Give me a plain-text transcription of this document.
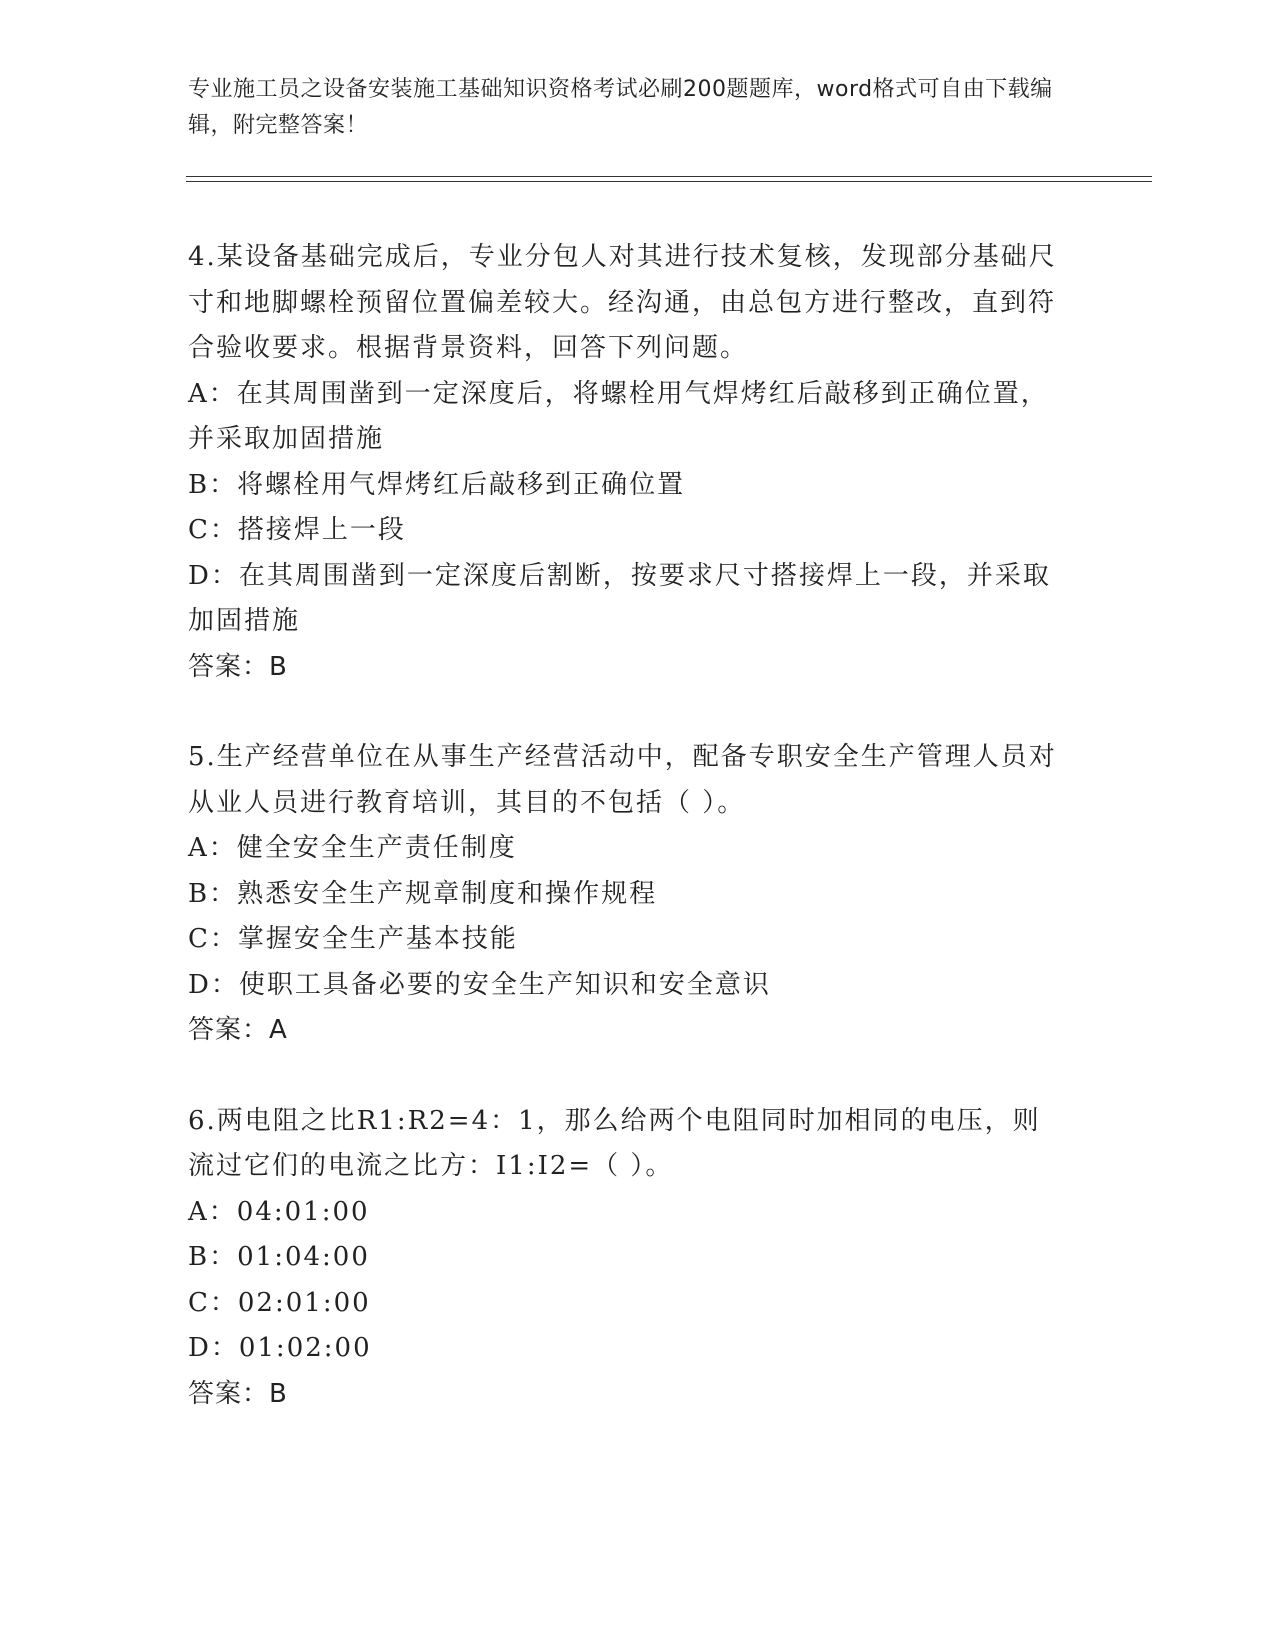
专业施工员之设备安装施工基础知识资格考试必刷200题题库，word格式可自由下载编辑，附完整答案！

4.某设备基础完成后，专业分包人对其进行技术复核，发现部分基础尺寸和地脚螺栓预留位置偏差较大。经沟通，由总包方进行整改，直到符合验收要求。根据背景资料，回答下列问题。

A：在其周围凿到一定深度后，将螺栓用气焊烤红后敲移到正确位置，并采取加固措施

B：将螺栓用气焊烤红后敲移到正确位置

C：搭接焊上一段

D：在其周围凿到一定深度后割断，按要求尺寸搭接焊上一段，并采取加固措施

答案：B

5.生产经营单位在从事生产经营活动中，配备专职安全生产管理人员对从业人员进行教育培训，其目的不包括（ ）。

A：健全安全生产责任制度

B：熟悉安全生产规章制度和操作规程

C：掌握安全生产基本技能

D：使职工具备必要的安全生产知识和安全意识

答案：A

6.两电阻之比R1:R2=4：1，那么给两个电阻同时加相同的电压，则流过它们的电流之比方：I1:I2=（ ）。

A：04:01:00

B：01:04:00

C：02:01:00

D：01:02:00

答案：B
